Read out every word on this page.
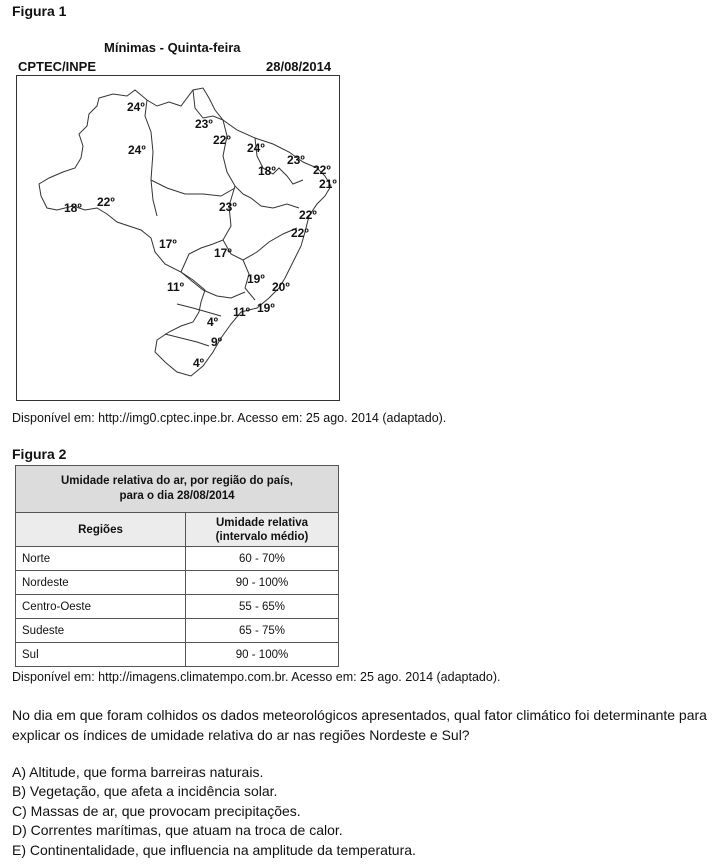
Figura 1
Mínimas - Quinta-feira
CPTEC/INPE	28/08/2014
24º
23º
22º
24º	24º
23º
18º	22º
21º
18º 22º	23º
22º
22º
17º
17º
11º
19º
20º
11º 19º
4º
9º
4º
Disponível em: http://img0.cptec.inpe.br. Acesso em: 25 ago. 2014 (adaptado).
Figura 2
Umidade relativa do ar, por região do país,
para o dia 28/08/2014	

Regiões	Umidade relativa
(intervalo médio)

Norte	60 - 70%
Nordeste	90 - 100%
Centro-Oeste	55 - 65%
Sudeste	65 - 75%
Sul	90 - 100%
Disponível em: http://imagens.climatempo.com.br. Acesso em: 25 ago. 2014 (adaptado).
No dia em que foram colhidos os dados meteorológicos apresentados, qual fator climático foi determinante para explicar os índices de umidade relativa do ar nas regiões Nordeste e Sul?
A) Altitude, que forma barreiras naturais.
B) Vegetação, que afeta a incidência solar.
C) Massas de ar, que provocam precipitações.
D) Correntes marítimas, que atuam na troca de calor.
E) Continentalidade, que influencia na amplitude da temperatura.
